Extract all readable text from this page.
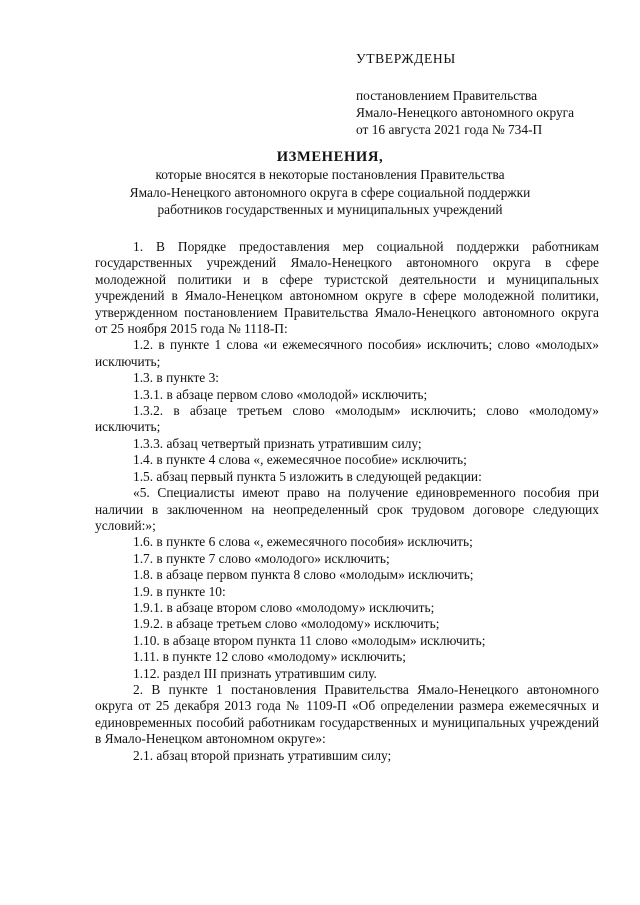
УТВЕРЖДЕНЫ
постановлением Правительства
Ямало-Ненецкого автономного округа
от 16 августа 2021 года № 734-П
ИЗМЕНЕНИЯ,
которые вносятся в некоторые постановления Правительства
Ямало-Ненецкого автономного округа в сфере социальной поддержки
работников государственных и муниципальных учреждений
1. В Порядке предоставления мер социальной поддержки работникам государственных учреждений Ямало-Ненецкого автономного округа в сфере молодежной политики и в сфере туристской деятельности и муниципальных учреждений в Ямало-Ненецком автономном округе в сфере молодежной политики, утвержденном постановлением Правительства Ямало-Ненецкого автономного округа от 25 ноября 2015 года № 1118-П:
1.2. в пункте 1 слова «и ежемесячного пособия» исключить; слово «молодых» исключить;
1.3. в пункте 3:
1.3.1. в абзаце первом слово «молодой» исключить;
1.3.2. в абзаце третьем слово «молодым» исключить; слово «молодому» исключить;
1.3.3. абзац четвертый признать утратившим силу;
1.4. в пункте 4 слова «, ежемесячное пособие» исключить;
1.5. абзац первый пункта 5 изложить в следующей редакции:
«5. Специалисты имеют право на получение единовременного пособия при наличии в заключенном на неопределенный срок трудовом договоре следующих условий:»;
1.6. в пункте 6 слова «, ежемесячного пособия» исключить;
1.7. в пункте 7 слово «молодого» исключить;
1.8. в абзаце первом пункта 8 слово «молодым» исключить;
1.9. в пункте 10:
1.9.1. в абзаце втором слово «молодому» исключить;
1.9.2. в абзаце третьем слово «молодому» исключить;
1.10. в абзаце втором пункта 11 слово «молодым» исключить;
1.11. в пункте 12 слово «молодому» исключить;
1.12. раздел III признать утратившим силу.
2. В пункте 1 постановления Правительства Ямало-Ненецкого автономного округа от 25 декабря 2013 года № 1109-П «Об определении размера ежемесячных и единовременных пособий работникам государственных и муниципальных учреждений в Ямало-Ненецком автономном округе»:
2.1. абзац второй признать утратившим силу;
